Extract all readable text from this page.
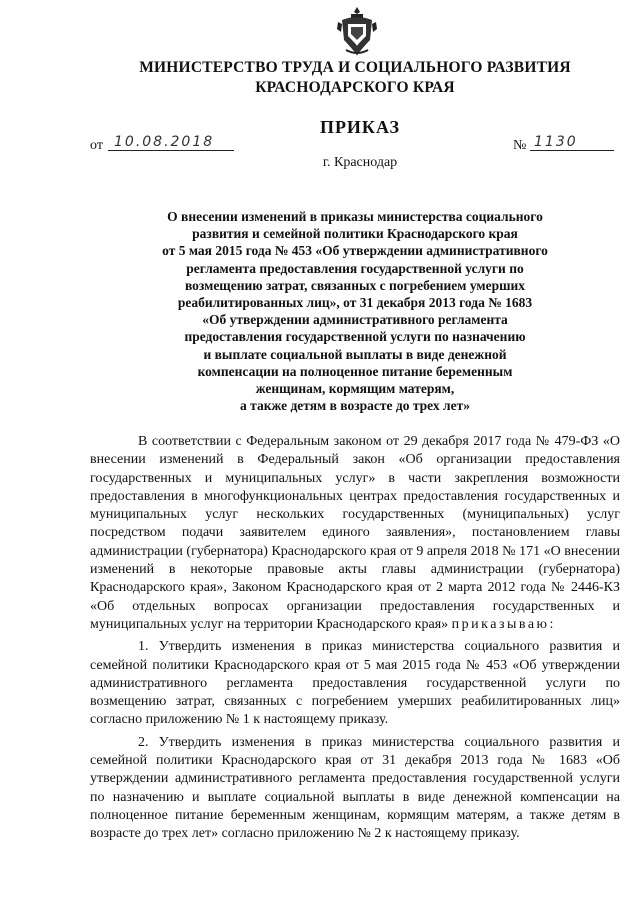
МИНИСТЕРСТВО ТРУДА И СОЦИАЛЬНОГО РАЗВИТИЯ
КРАСНОДАРСКОГО КРАЯ
ПРИКАЗ
от 10.08.2018	№ 1130
г. Краснодар
О внесении изменений в приказы министерства социального
развития и семейной политики Краснодарского края
от 5 мая 2015 года № 453 «Об утверждении административного
регламента предоставления государственной услуги по
возмещению затрат, связанных с погребением умерших
реабилитированных лиц», от 31 декабря 2013 года № 1683
«Об утверждении административного регламента
предоставления государственной услуги по назначению
и выплате социальной выплаты в виде денежной
компенсации на полноценное питание беременным
женщинам, кормящим матерям,
а также детям в возрасте до трех лет»

В соответствии с Федеральным законом от 29 декабря 2017 года № 479-ФЗ «О внесении изменений в Федеральный закон «Об организации предоставления государственных и муниципальных услуг» в части закрепления возможности предоставления в многофункциональных центрах предоставления государственных и муниципальных услуг нескольких государственных (муниципальных) услуг посредством подачи заявителем единого заявления», постановлением главы администрации (губернатора) Краснодарского края от 9 апреля 2018 № 171 «О внесении изменений в некоторые правовые акты главы администрации (губернатора) Краснодарского края», Законом Краснодарского края от 2 марта 2012 года № 2446-КЗ «Об отдельных вопросах организации предоставления государственных и муниципальных услуг на территории Краснодарского края» приказываю:

1. Утвердить изменения в приказ министерства социального развития и семейной политики Краснодарского края от 5 мая 2015 года № 453 «Об утверждении административного регламента предоставления государственной услуги по возмещению затрат, связанных с погребением умерших реабилитированных лиц» согласно приложению № 1 к настоящему приказу.

2. Утвердить изменения в приказ министерства социального развития и семейной политики Краснодарского края от 31 декабря 2013 года № 1683 «Об утверждении административного регламента предоставления государственной услуги по назначению и выплате социальной выплаты в виде денежной компенсации на полноценное питание беременным женщинам, кормящим матерям, а также детям в возрасте до трех лет» согласно приложению № 2 к настоящему приказу.
